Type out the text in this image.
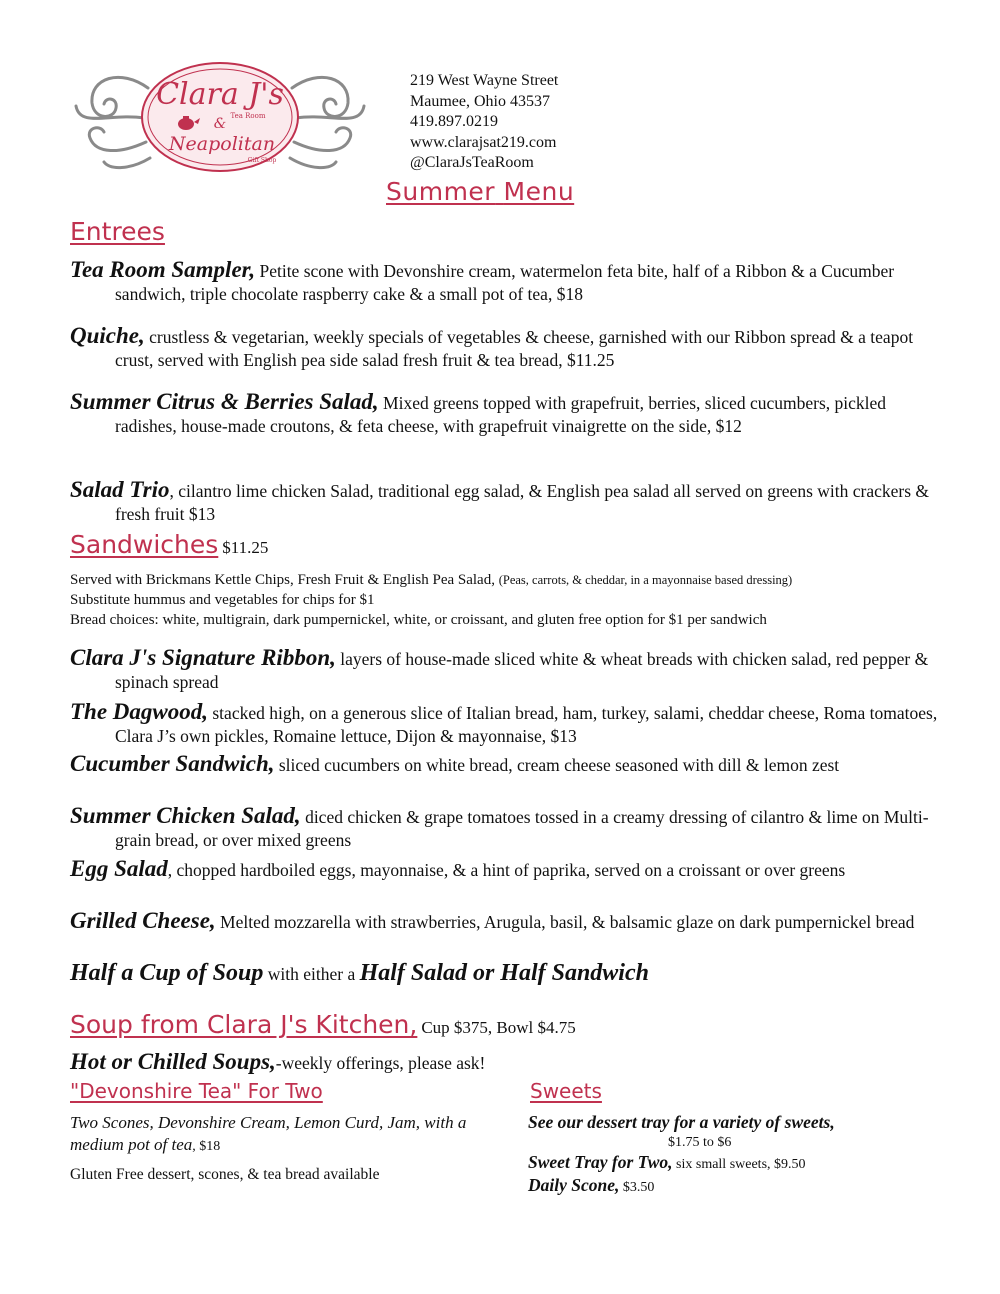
Clara J's
Tea Room
&
Neapolitan
Gift Shop
219 West Wayne Street
Maumee, Ohio 43537
419.897.0219
www.clarajsat219.com
@ClaraJsTeaRoom
Summer Menu
Entrees
Tea Room Sampler, Petite scone with Devonshire cream, watermelon feta bite, half of a Ribbon & a Cucumber sandwich, triple chocolate raspberry cake & a small pot of tea, $18
Quiche, crustless & vegetarian, weekly specials of vegetables & cheese, garnished with our Ribbon spread & a teapot crust, served with English pea side salad fresh fruit & tea bread, $11.25
Summer Citrus & Berries Salad, Mixed greens topped with grapefruit, berries, sliced cucumbers, pickled radishes, house-made croutons, & feta cheese, with grapefruit vinaigrette on the side, $12
Salad Trio, cilantro lime chicken Salad, traditional egg salad, & English pea salad all served on greens with crackers & fresh fruit $13
Sandwiches $11.25
Served with Brickmans Kettle Chips, Fresh Fruit & English Pea Salad, (Peas, carrots, & cheddar, in a mayonnaise based dressing)
Substitute hummus and vegetables for chips for $1
Bread choices: white, multigrain, dark pumpernickel, white, or croissant, and gluten free option for $1 per sandwich
Clara J's Signature Ribbon, layers of house-made sliced white & wheat breads with chicken salad, red pepper & spinach spread
The Dagwood, stacked high, on a generous slice of Italian bread, ham, turkey, salami, cheddar cheese, Roma tomatoes, Clara J’s own pickles, Romaine lettuce, Dijon & mayonnaise, $13
Cucumber Sandwich, sliced cucumbers on white bread, cream cheese seasoned with dill & lemon zest
Summer Chicken Salad, diced chicken & grape tomatoes tossed in a creamy dressing of cilantro & lime on Multi-grain bread, or over mixed greens
Egg Salad, chopped hardboiled eggs, mayonnaise, & a hint of paprika, served on a croissant or over greens
Grilled Cheese, Melted mozzarella with strawberries, Arugula, basil, & balsamic glaze on dark pumpernickel bread
Half a Cup of Soup with either a Half Salad or Half Sandwich
Soup from Clara J's Kitchen, Cup $375, Bowl $4.75
Hot or Chilled Soups,-weekly offerings, please ask!
"Devonshire Tea" For Two
Two Scones, Devonshire Cream, Lemon Curd, Jam, with a medium pot of tea, $18
Gluten Free dessert, scones, & tea bread available
Sweets
See our dessert tray for a variety of sweets,
$1.75 to $6
Sweet Tray for Two, six small sweets, $9.50
Daily Scone, $3.50
